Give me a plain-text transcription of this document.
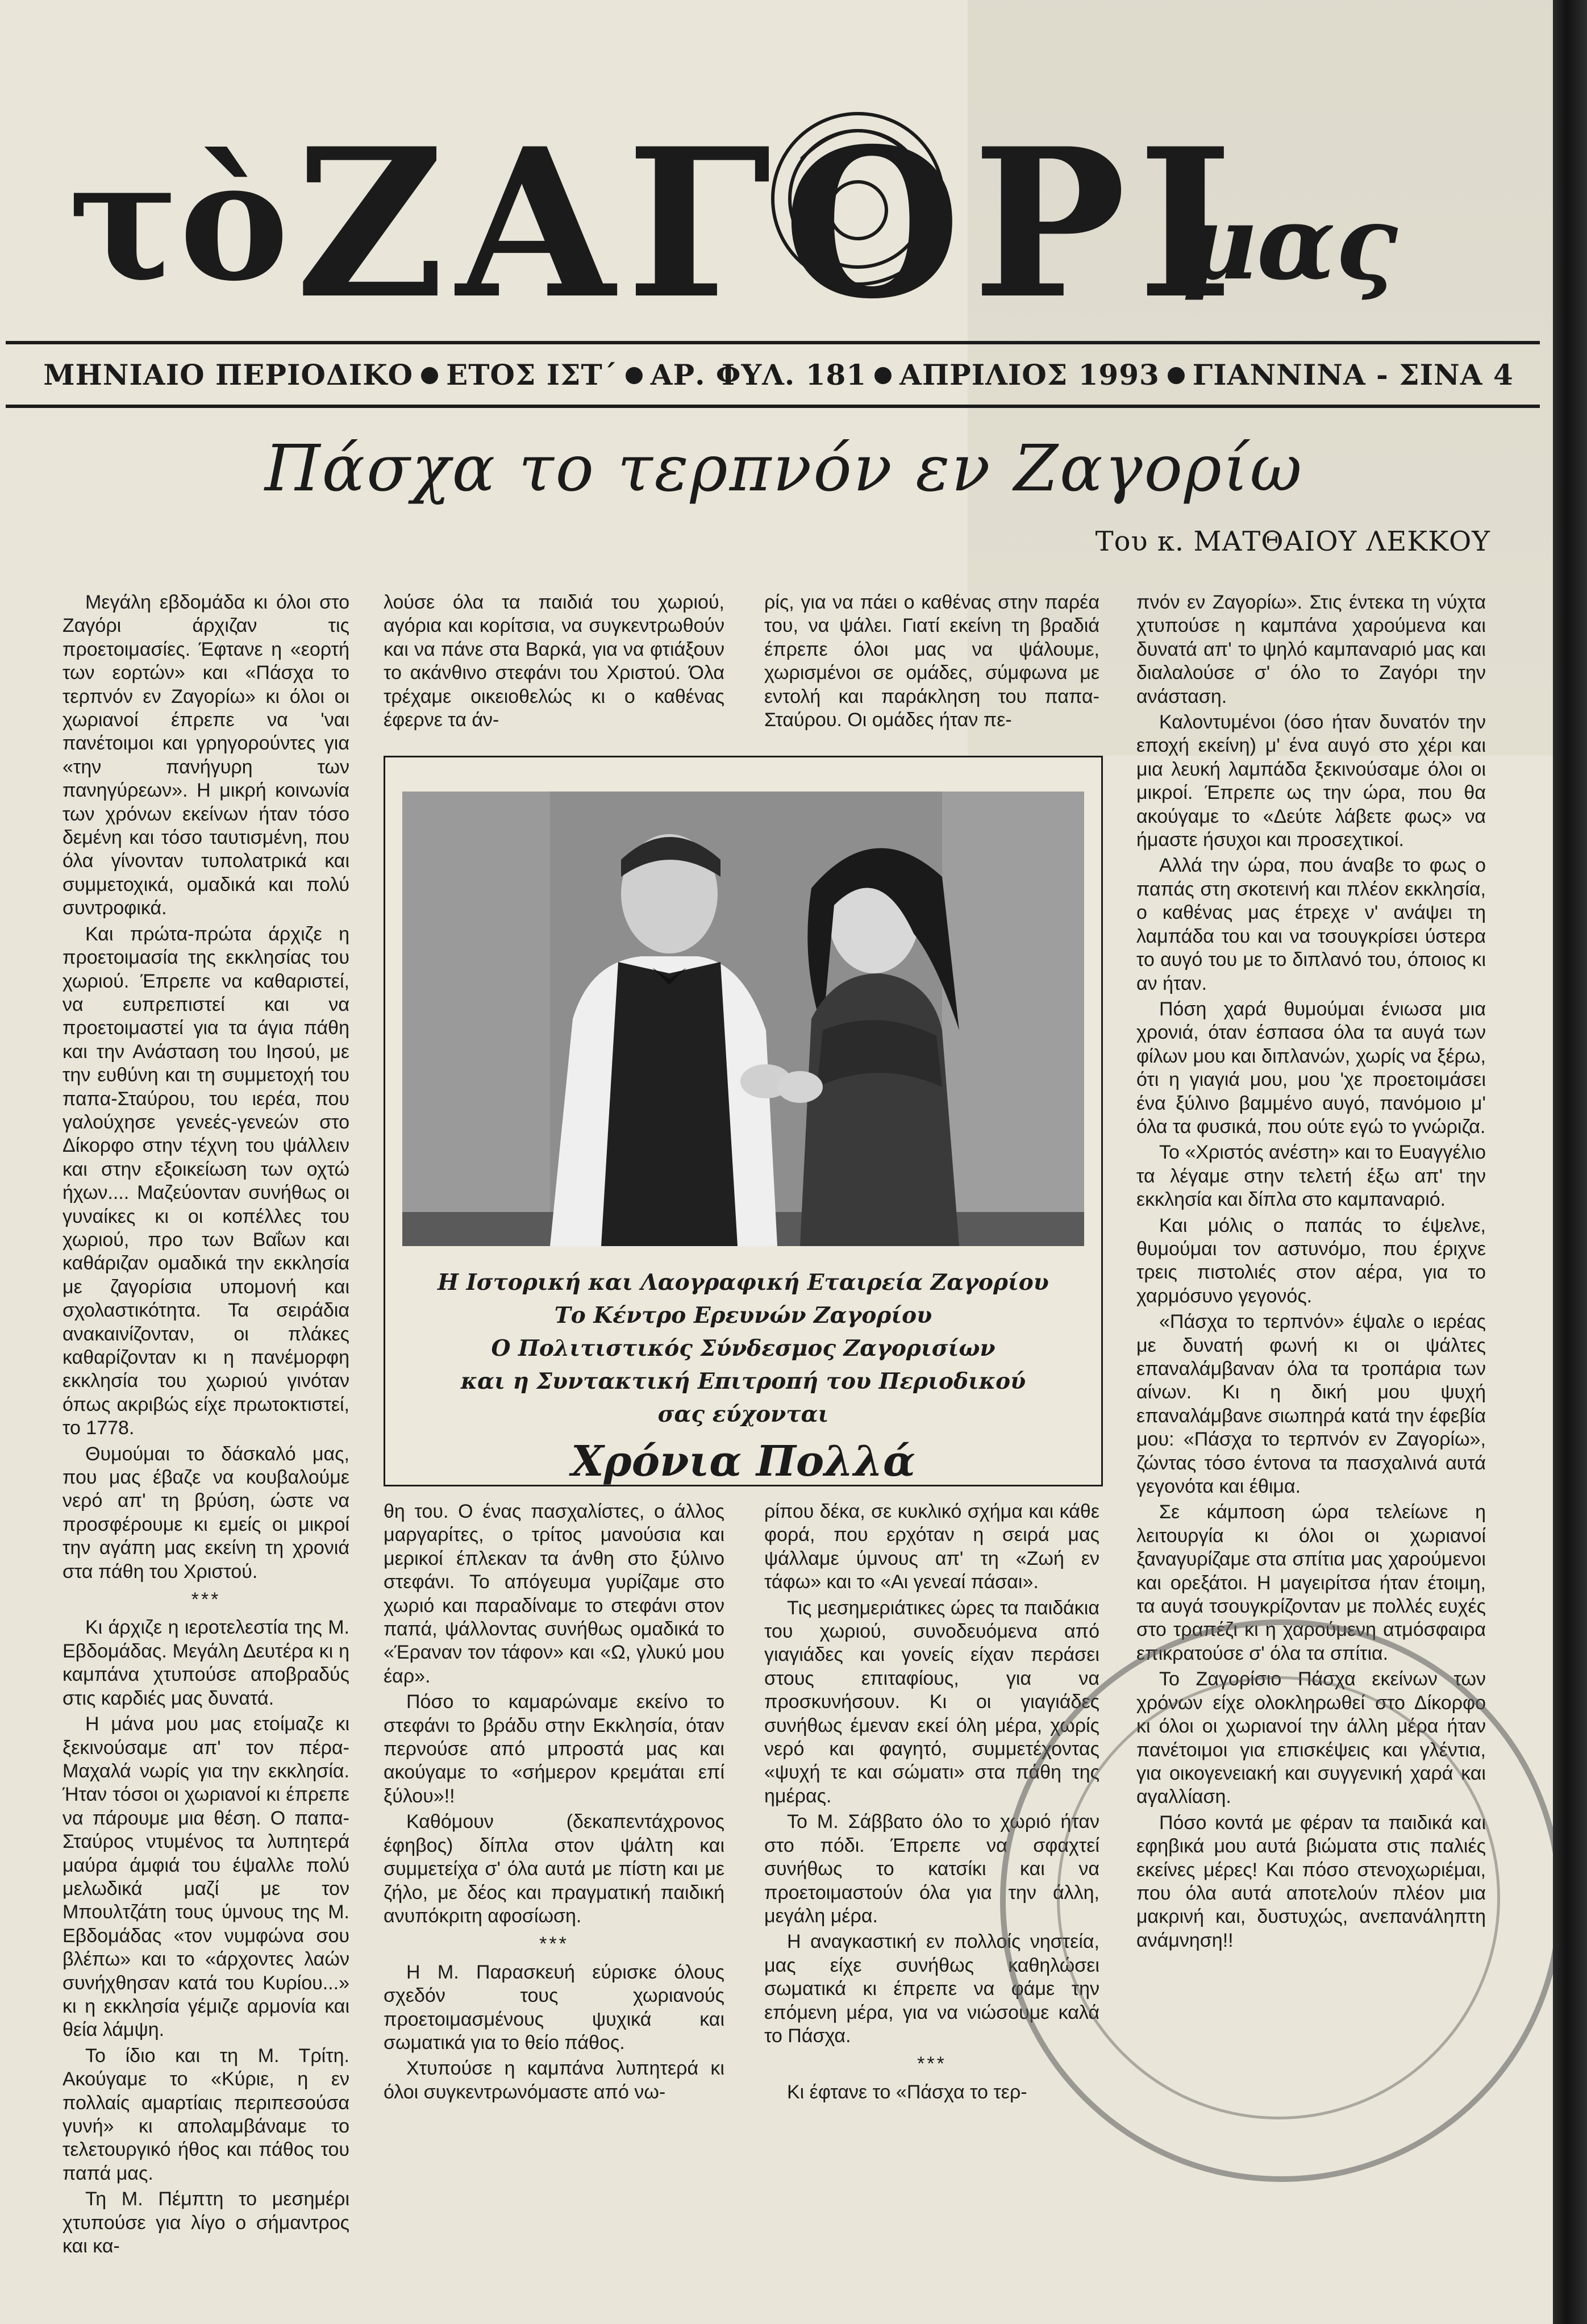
τὸ ΖΑΓΟΡΙ
μας
ΜΗΝΙΑΙΟ ΠΕΡΙΟΔΙΚΟ ΕΤΟΣ ΙΣΤ΄ ΑΡ. ΦΥΛ. 181 ΑΠΡΙΛΙΟΣ 1993 ΓΙΑΝΝΙΝΑ - ΣΙΝΑ 4
Πάσχα το τερπνόν εν Ζαγορίω
Του κ. ΜΑΤΘΑΙΟΥ ΛΕΚΚΟΥ

Μεγάλη εβδομάδα κι όλοι στο Ζαγόρι άρχιζαν τις προετοιμασίες. Έφτανε η «εορτή των εορτών» και «Πάσχα το τερπνόν εν Ζαγορίω» κι όλοι οι χωριανοί έπρεπε να 'ναι πανέτοιμοι και γρηγορούντες για «την πανήγυρη των πανηγύρεων». Η μικρή κοινωνία των χρόνων εκείνων ήταν τόσο δεμένη και τόσο ταυτισμένη, που όλα γίνονταν τυπολατρικά και συμμετοχικά, ομαδικά και πολύ συντροφικά.

Και πρώτα-πρώτα άρχιζε η προετοιμασία της εκκλησίας του χωριού. Έπρεπε να καθαριστεί, να ευπρεπιστεί και να προετοιμαστεί για τα άγια πάθη και την Ανάσταση του Ιησού, με την ευθύνη και τη συμμετοχή του παπα-Σταύρου, του ιερέα, που γαλούχησε γενεές-γενεών στο Δίκορφο στην τέχνη του ψάλλειν και στην εξοικείωση των οχτώ ήχων.... Μαζεύονταν συνήθως οι γυναίκες κι οι κοπέλλες του χωριού, προ των Βαΐων και καθάριζαν ομαδικά την εκκλησία με ζαγορίσια υπομονή και σχολαστικότητα. Τα σειράδια ανακαινίζονταν, οι πλάκες καθαρίζονταν κι η πανέμορφη εκκλησία του χωριού γινόταν όπως ακριβώς είχε πρωτοκτιστεί, το 1778.

Θυμούμαι το δάσκαλό μας, που μας έβαζε να κουβαλούμε νερό απ' τη βρύση, ώστε να προσφέρουμε κι εμείς οι μικροί την αγάπη μας εκείνη τη χρονιά στα πάθη του Χριστού.

***

Κι άρχιζε η ιεροτελεστία της Μ. Εβδομάδας. Μεγάλη Δευτέρα κι η καμπάνα χτυπούσε αποβραδύς στις καρδιές μας δυνατά.

Η μάνα μου μας ετοίμαζε κι ξεκινούσαμε απ' τον πέρα-Μαχαλά νωρίς για την εκκλησία. Ήταν τόσοι οι χωριανοί κι έπρεπε να πάρουμε μια θέση. Ο παπα-Σταύρος ντυμένος τα λυπητερά μαύρα άμφιά του έψαλλε πολύ μελωδικά μαζί με τον Μπουλτζάτη τους ύμνους της Μ. Εβδομάδας «τον νυμφώνα σου βλέπω» και το «άρχοντες λαών συνήχθησαν κατά του Κυρίου...» κι η εκκλησία γέμιζε αρμονία και θεία λάμψη.

Το ίδιο και τη Μ. Τρίτη. Ακούγαμε το «Κύριε, η εν πολλαίς αμαρτίαις περιπεσούσα γυνή» κι απολαμβάναμε το τελετουργικό ήθος και πάθος του παπά μας.

Τη Μ. Πέμπτη το μεσημέρι χτυπούσε για λίγο ο σήμαντρος και κα-

λούσε όλα τα παιδιά του χωριού, αγόρια και κορίτσια, να συγκεντρωθούν και να πάνε στα Βαρκά, για να φτιάξουν το ακάνθινο στεφάνι του Χριστού. Όλα τρέχαμε οικειοθελώς κι ο καθένας έφερνε τα άν-

ρίς, για να πάει ο καθένας στην παρέα του, να ψάλει. Γιατί εκείνη τη βραδιά έπρεπε όλοι μας να ψάλουμε, χωρισμένοι σε ομάδες, σύμφωνα με εντολή και παράκληση του παπα-Σταύρου. Οι ομάδες ήταν πε-

Η Ιστορική και Λαογραφική Εταιρεία Ζαγορίου
Το Κέντρο Ερευνών Ζαγορίου
Ο Πολιτιστικός Σύνδεσμος Ζαγορισίων
και η Συντακτική Επιτροπή του Περιοδικού
σας εύχονται
Χρόνια Πολλά

θη του. Ο ένας πασχαλίστες, ο άλλος μαργαρίτες, ο τρίτος μανούσια και μερικοί έπλεκαν τα άνθη στο ξύλινο στεφάνι. Το απόγευμα γυρίζαμε στο χωριό και παραδίναμε το στεφάνι στον παπά, ψάλλοντας συνήθως ομαδικά το «Έραναν τον τάφον» και «Ω, γλυκύ μου έαρ».

Πόσο το καμαρώναμε εκείνο το στεφάνι το βράδυ στην Εκκλησία, όταν περνούσε από μπροστά μας και ακούγαμε το «σήμερον κρεμάται επί ξύλου»!!

Καθόμουν (δεκαπεντάχρονος έφηβος) δίπλα στον ψάλτη και συμμετείχα σ' όλα αυτά με πίστη και με ζήλο, με δέος και πραγματική παιδική ανυπόκριτη αφοσίωση.

***

Η Μ. Παρασκευή εύρισκε όλους σχεδόν τους χωριανούς προετοιμασμένους ψυχικά και σωματικά για το θείο πάθος.

Χτυπούσε η καμπάνα λυπητερά κι όλοι συγκεντρωνόμαστε από νω-

ρίπου δέκα, σε κυκλικό σχήμα και κάθε φορά, που ερχόταν η σειρά μας ψάλλαμε ύμνους απ' τη «Ζωή εν τάφω» και το «Αι γενεαί πάσαι».

Τις μεσημεριάτικες ώρες τα παιδάκια του χωριού, συνοδευόμενα από γιαγιάδες και γονείς είχαν περάσει στους επιταφίους, για να προσκυνήσουν. Κι οι γιαγιάδες συνήθως έμεναν εκεί όλη μέρα, χωρίς νερό και φαγητό, συμμετέχοντας «ψυχή τε και σώματι» στα πάθη της ημέρας.

Το Μ. Σάββατο όλο το χωριό ήταν στο πόδι. Έπρεπε να σφαχτεί συνήθως το κατσίκι και να προετοιμαστούν όλα για την άλλη, μεγάλη μέρα.

Η αναγκαστική εν πολλοίς νηστεία, μας είχε συνήθως καθηλώσει σωματικά κι έπρεπε να φάμε την επόμενη μέρα, για να νιώσουμε καλά το Πάσχα.

***

Κι έφτανε το «Πάσχα το τερ-

πνόν εν Ζαγορίω». Στις έντεκα τη νύχτα χτυπούσε η καμπάνα χαρούμενα και δυνατά απ' το ψηλό καμπαναριό μας και διαλαλούσε σ' όλο το Ζαγόρι την ανάσταση.

Καλοντυμένοι (όσο ήταν δυνατόν την εποχή εκείνη) μ' ένα αυγό στο χέρι και μια λευκή λαμπάδα ξεκινούσαμε όλοι οι μικροί. Έπρεπε ως την ώρα, που θα ακούγαμε το «Δεύτε λάβετε φως» να ήμαστε ήσυχοι και προσεχτικοί.

Αλλά την ώρα, που άναβε το φως ο παπάς στη σκοτεινή και πλέον εκκλησία, ο καθένας μας έτρεχε ν' ανάψει τη λαμπάδα του και να τσουγκρίσει ύστερα το αυγό του με το διπλανό του, όποιος κι αν ήταν.

Πόση χαρά θυμούμαι ένιωσα μια χρονιά, όταν έσπασα όλα τα αυγά των φίλων μου και διπλανών, χωρίς να ξέρω, ότι η γιαγιά μου, μου 'χε προετοιμάσει ένα ξύλινο βαμμένο αυγό, πανόμοιο μ' όλα τα φυσικά, που ούτε εγώ το γνώριζα.

Το «Χριστός ανέστη» και το Ευαγγέλιο τα λέγαμε στην τελετή έξω απ' την εκκλησία και δίπλα στο καμπαναριό.

Και μόλις ο παπάς το έψελνε, θυμούμαι τον αστυνόμο, που έριχνε τρεις πιστολιές στον αέρα, για το χαρμόσυνο γεγονός.

«Πάσχα το τερπνόν» έψαλε ο ιερέας με δυνατή φωνή κι οι ψάλτες επαναλάμβαναν όλα τα τροπάρια των αίνων. Κι η δική μου ψυχή επαναλάμβανε σιωπηρά κατά την έφεβία μου: «Πάσχα το τερπνόν εν Ζαγορίω», ζώντας τόσο έντονα τα πασχαλινά αυτά γεγονότα και έθιμα.

Σε κάμποση ώρα τελείωνε η λειτουργία κι όλοι οι χωριανοί ξαναγυρίζαμε στα σπίτια μας χαρούμενοι και ορεξάτοι. Η μαγειρίτσα ήταν έτοιμη, τα αυγά τσουγκρίζονταν με πολλές ευχές στο τραπέζι κι η χαρούμενη ατμόσφαιρα επικρατούσε σ' όλα τα σπίτια.

Το Ζαγορίσιο Πάσχα εκείνων των χρόνων είχε ολοκληρωθεί στο Δίκορφο κι όλοι οι χωριανοί την άλλη μέρα ήταν πανέτοιμοι για επισκέψεις και γλέντια, για οικογενειακή και συγγενική χαρά και αγαλλίαση.

Πόσο κοντά με φέραν τα παιδικά και εφηβικά μου αυτά βιώματα στις παλιές εκείνες μέρες! Και πόσο στενοχωριέμαι, που όλα αυτά αποτελούν πλέον μια μακρινή και, δυστυχώς, ανεπανάληπτη ανάμνηση!!
